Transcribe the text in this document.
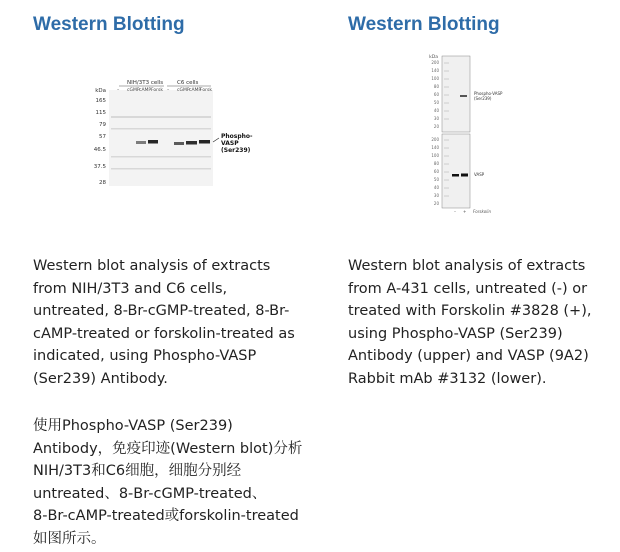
Western Blotting
NIH/3T3 cells	C6 cells
– cGMP cAMP Forsk – cGMP cAMP
Forsk
kDa
165
115
79
57
46.5
37.5
28
Phospho-
VASP
(Ser239)

Western blot analysis of extracts
from NIH/3T3 and C6 cells,
untreated, 8-Br-cGMP-treated, 8-Br-
cAMP-treated or forskolin-treated as
indicated, using Phospho-VASP
(Ser239) Antibody.

使用Phospho-VASP (Ser239)
Antibody，免疫印迹(Western blot)分析
NIH/3T3和C6细胞，细胞分别经
untreated、8-Br-cGMP-treated、
8-Br-cAMP-treated或forskolin-treated
如图所示。

Western Blotting
kDa
200
140
100
80
60
50
40
30
20
Phospho-VASP
(Ser239)
200
140
100
80
60
50
40
30
20
VASP
– + Forskolin

Western blot analysis of extracts
from A-431 cells, untreated (-) or
treated with Forskolin #3828 (+),
using Phospho-VASP (Ser239)
Antibody (upper) and VASP (9A2)
Rabbit mAb #3132 (lower).
